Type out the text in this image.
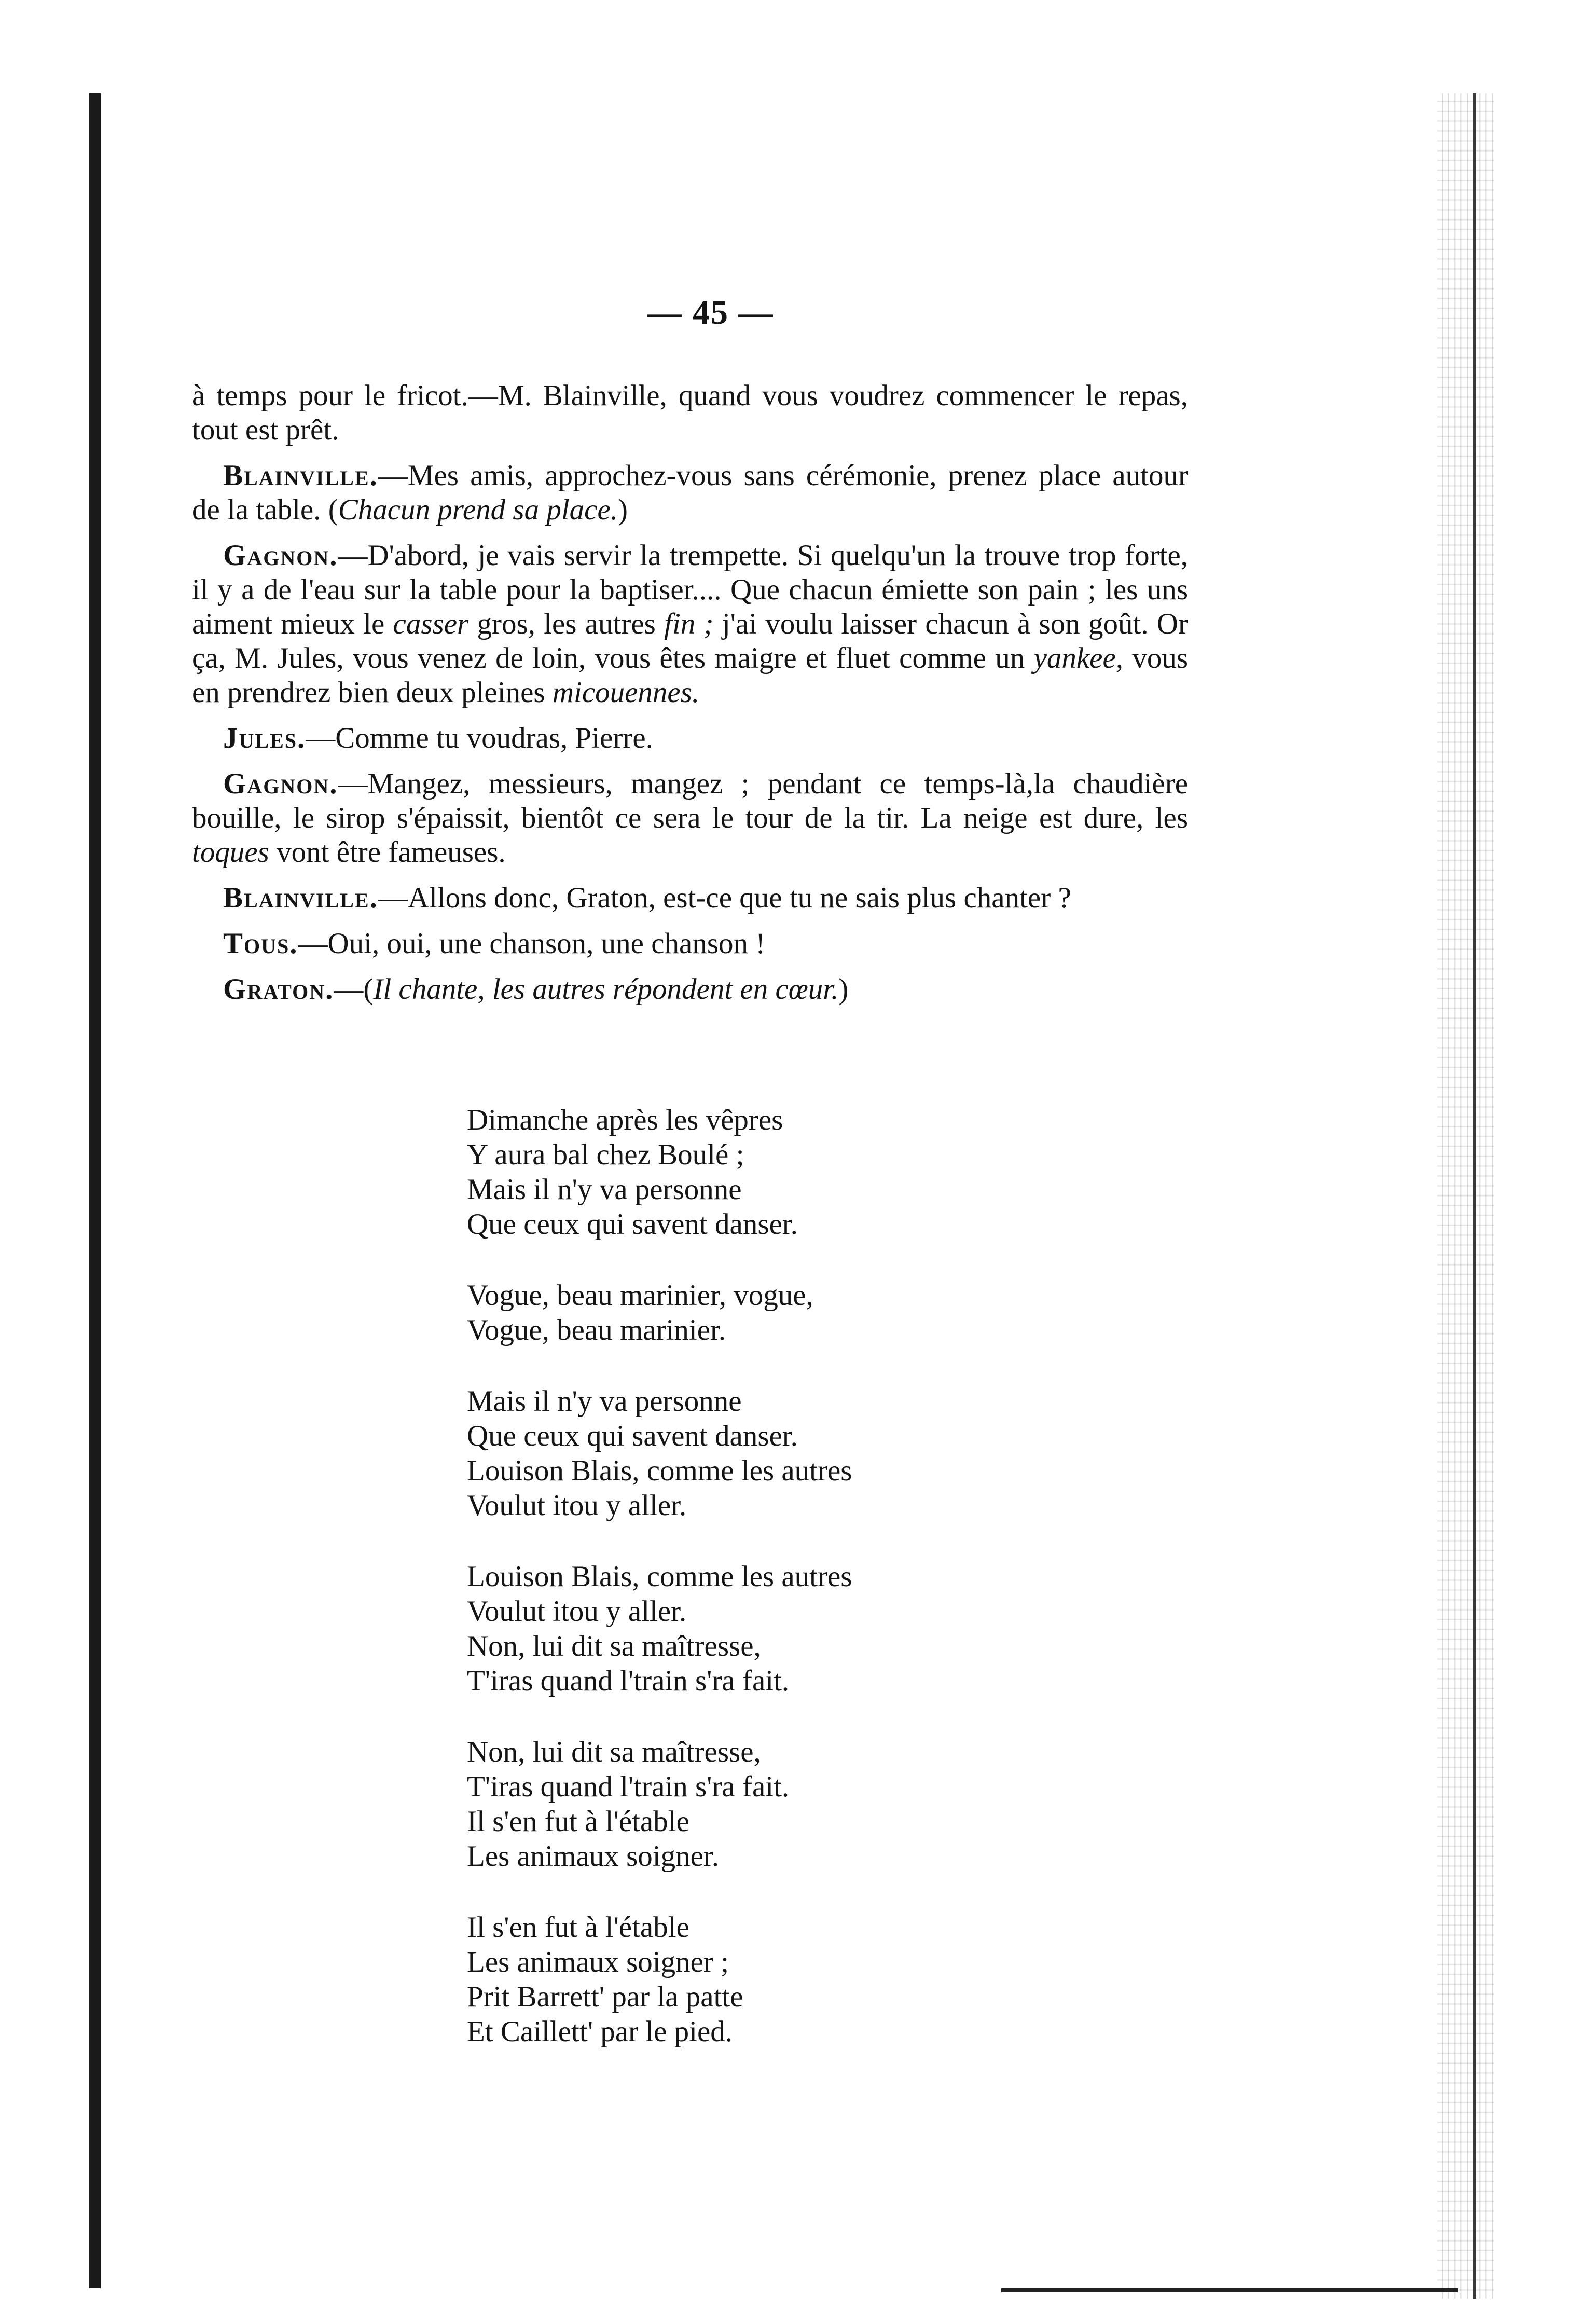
— 45 —

à temps pour le fricot.—M. Blainville, quand vous voudrez commencer le repas, tout est prêt.

Blainville.—Mes amis, approchez-vous sans cérémonie, prenez place autour de la table. (Chacun prend sa place.)

Gagnon.—D'abord, je vais servir la trempette. Si quelqu'un la trouve trop forte, il y a de l'eau sur la table pour la baptiser.... Que chacun émiette son pain ; les uns aiment mieux le casser gros, les autres fin ; j'ai voulu laisser chacun à son goût. Or ça, M. Jules, vous venez de loin, vous êtes maigre et fluet comme un yankee, vous en prendrez bien deux pleines micouennes.

Jules.—Comme tu voudras, Pierre.

Gagnon.—Mangez, messieurs, mangez ; pendant ce temps-là,la chaudière bouille, le sirop s'épaissit, bientôt ce sera le tour de la tir. La neige est dure, les toques vont être fameuses.

Blainville.—Allons donc, Graton, est-ce que tu ne sais plus chanter ?

Tous.—Oui, oui, une chanson, une chanson !

Graton.—(Il chante, les autres répondent en cœur.)

Dimanche après les vêpres
Y aura bal chez Boulé ;
Mais il n'y va personne
Que ceux qui savent danser.
Vogue, beau marinier, vogue,
Vogue, beau marinier.
Mais il n'y va personne
Que ceux qui savent danser.
Louison Blais, comme les autres
Voulut itou y aller.
Louison Blais, comme les autres
Voulut itou y aller.
Non, lui dit sa maîtresse,
T'iras quand l'train s'ra fait.
Non, lui dit sa maîtresse,
T'iras quand l'train s'ra fait.
Il s'en fut à l'étable
Les animaux soigner.
Il s'en fut à l'étable
Les animaux soigner ;
Prit Barrett' par la patte
Et Caillett' par le pied.
